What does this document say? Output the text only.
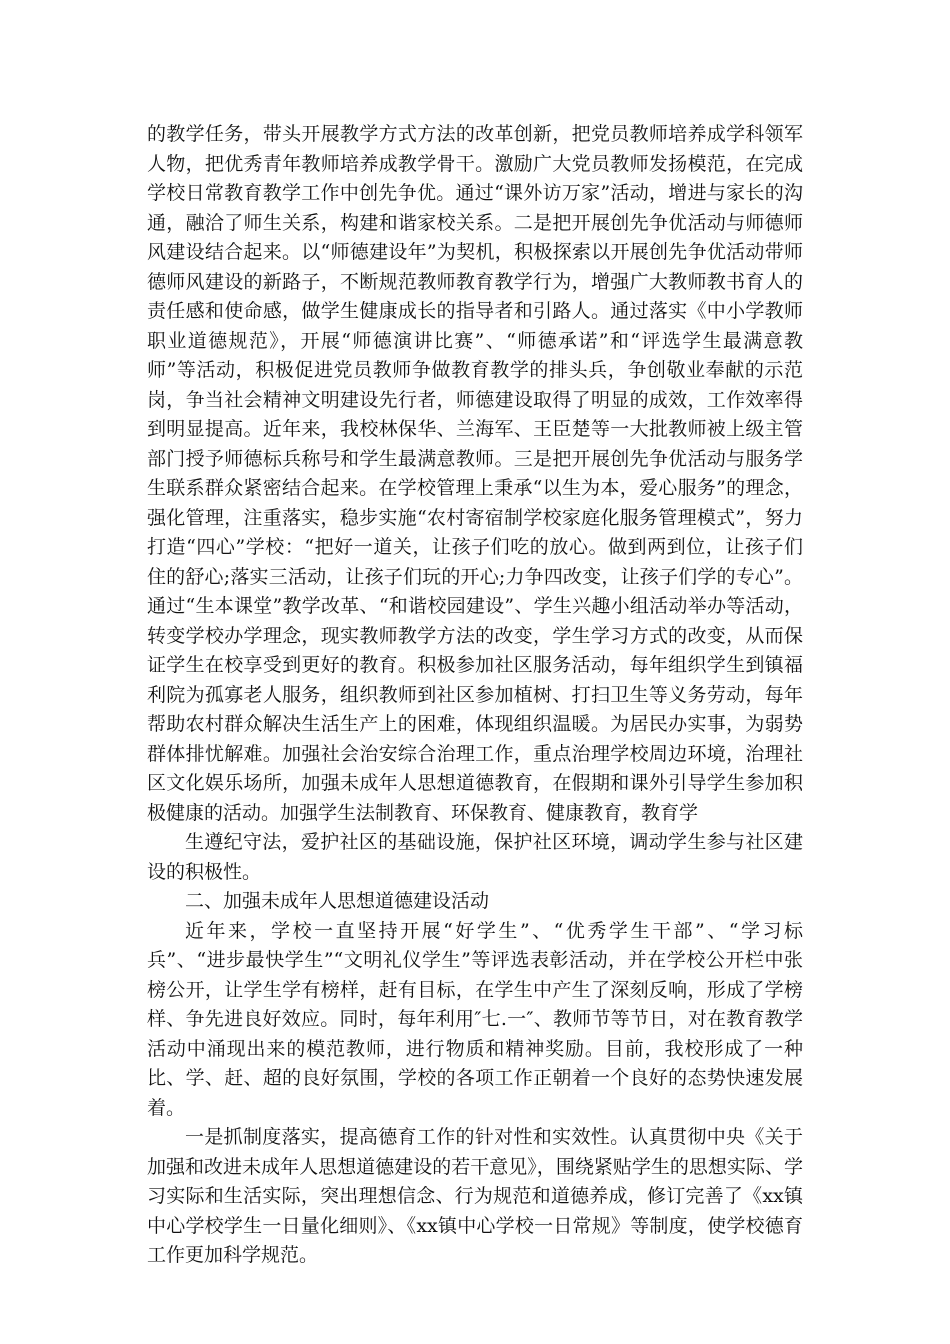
的教学任务，带头开展教学方式方法的改革创新，把党员教师培养成学科领军人物，把优秀青年教师培养成教学骨干。激励广大党员教师发扬模范，在完成学校日常教育教学工作中创先争优。通过“课外访万家”活动，增进与家长的沟通，融洽了师生关系，构建和谐家校关系。二是把开展创先争优活动与师德师风建设结合起来。以“师德建设年”为契机，积极探索以开展创先争优活动带师德师风建设的新路子，不断规范教师教育教学行为，增强广大教师教书育人的责任感和使命感，做学生健康成长的指导者和引路人。通过落实《中小学教师职业道德规范》，开展“师德演讲比赛”、“师德承诺”和“评选学生最满意教师”等活动，积极促进党员教师争做教育教学的排头兵，争创敬业奉献的示范岗，争当社会精神文明建设先行者，师德建设取得了明显的成效，工作效率得到明显提高。近年来，我校林保华、兰海军、王臣楚等一大批教师被上级主管部门授予师德标兵称号和学生最满意教师。三是把开展创先争优活动与服务学生联系群众紧密结合起来。在学校管理上秉承“以生为本，爱心服务”的理念，强化管理，注重落实，稳步实施“农村寄宿制学校家庭化服务管理模式”，努力打造“四心”学校：“把好一道关，让孩子们吃的放心。做到两到位，让孩子们住的舒心;落实三活动，让孩子们玩的开心;力争四改变，让孩子们学的专心”。通过“生本课堂”教学改革、“和谐校园建设”、学生兴趣小组活动举办等活动，转变学校办学理念，现实教师教学方法的改变，学生学习方式的改变，从而保证学生在校享受到更好的教育。积极参加社区服务活动，每年组织学生到镇福利院为孤寡老人服务，组织教师到社区参加植树、打扫卫生等义务劳动，每年帮助农村群众解决生活生产上的困难，体现组织温暖。为居民办实事，为弱势群体排忧解难。加强社会治安综合治理工作，重点治理学校周边环境，治理社区文化娱乐场所，加强未成年人思想道德教育，在假期和课外引导学生参加积极健康的活动。加强学生法制教育、环保教育、健康教育，教育学

生遵纪守法，爱护社区的基础设施，保护社区环境，调动学生参与社区建设的积极性。

二、加强未成年人思想道德建设活动

近年来，学校一直坚持开展“好学生”、“优秀学生干部”、“学习标兵”、“进步最快学生”“文明礼仪学生”等评选表彰活动，并在学校公开栏中张榜公开，让学生学有榜样，赶有目标，在学生中产生了深刻反响，形成了学榜样、争先进良好效应。同时，每年利用″七.一″、教师节等节日，对在教育教学活动中涌现出来的模范教师，进行物质和精神奖励。目前，我校形成了一种比、学、赶、超的良好氛围，学校的各项工作正朝着一个良好的态势快速发展着。

一是抓制度落实，提高德育工作的针对性和实效性。认真贯彻中央《关于加强和改进未成年人思想道德建设的若干意见》，围绕紧贴学生的思想实际、学习实际和生活实际，突出理想信念、行为规范和道德养成，修订完善了《xx镇中心学校学生一日量化细则》、《xx镇中心学校一日常规》等制度，使学校德育工作更加科学规范。
